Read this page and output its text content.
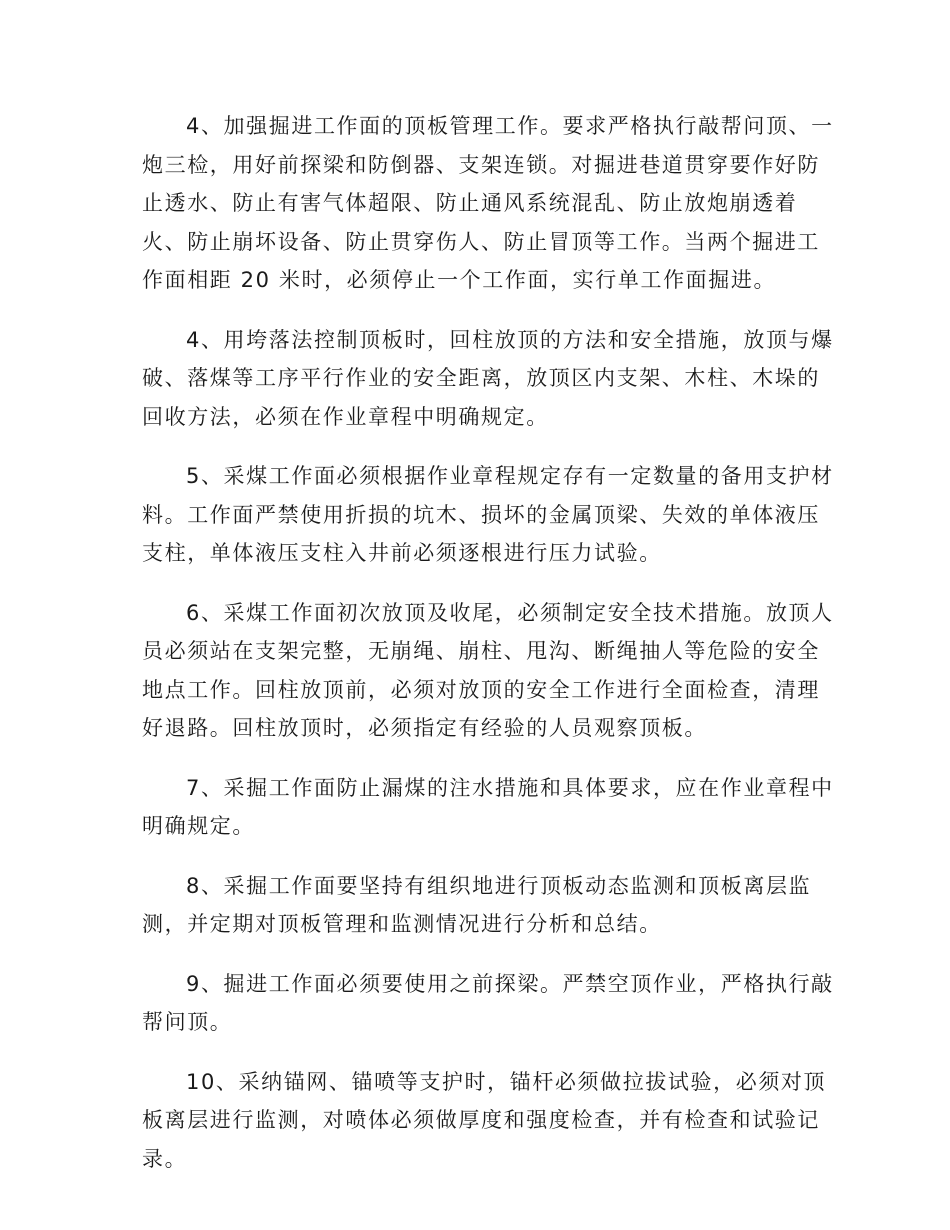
4、加强掘进工作面的顶板管理工作。要求严格执行敲帮问顶、一
炮三检，用好前探梁和防倒器、支架连锁。对掘进巷道贯穿要作好防
止透水、防止有害气体超限、防止通风系统混乱、防止放炮崩透着
火、防止崩坏设备、防止贯穿伤人、防止冒顶等工作。当两个掘进工
作面相距 20 米时，必须停止一个工作面，实行单工作面掘进。

4、用垮落法控制顶板时，回柱放顶的方法和安全措施，放顶与爆
破、落煤等工序平行作业的安全距离，放顶区内支架、木柱、木垛的
回收方法，必须在作业章程中明确规定。

5、采煤工作面必须根据作业章程规定存有一定数量的备用支护材
料。工作面严禁使用折损的坑木、损坏的金属顶梁、失效的单体液压
支柱，单体液压支柱入井前必须逐根进行压力试验。

6、采煤工作面初次放顶及收尾，必须制定安全技术措施。放顶人
员必须站在支架完整，无崩绳、崩柱、甩沟、断绳抽人等危险的安全
地点工作。回柱放顶前，必须对放顶的安全工作进行全面检查，清理
好退路。回柱放顶时，必须指定有经验的人员观察顶板。

7、采掘工作面防止漏煤的注水措施和具体要求，应在作业章程中
明确规定。

8、采掘工作面要坚持有组织地进行顶板动态监测和顶板离层监
测，并定期对顶板管理和监测情况进行分析和总结。

9、掘进工作面必须要使用之前探梁。严禁空顶作业，严格执行敲
帮问顶。

10、采纳锚网、锚喷等支护时，锚杆必须做拉拔试验，必须对顶
板离层进行监测，对喷体必须做厚度和强度检查，并有检查和试验记
录。
